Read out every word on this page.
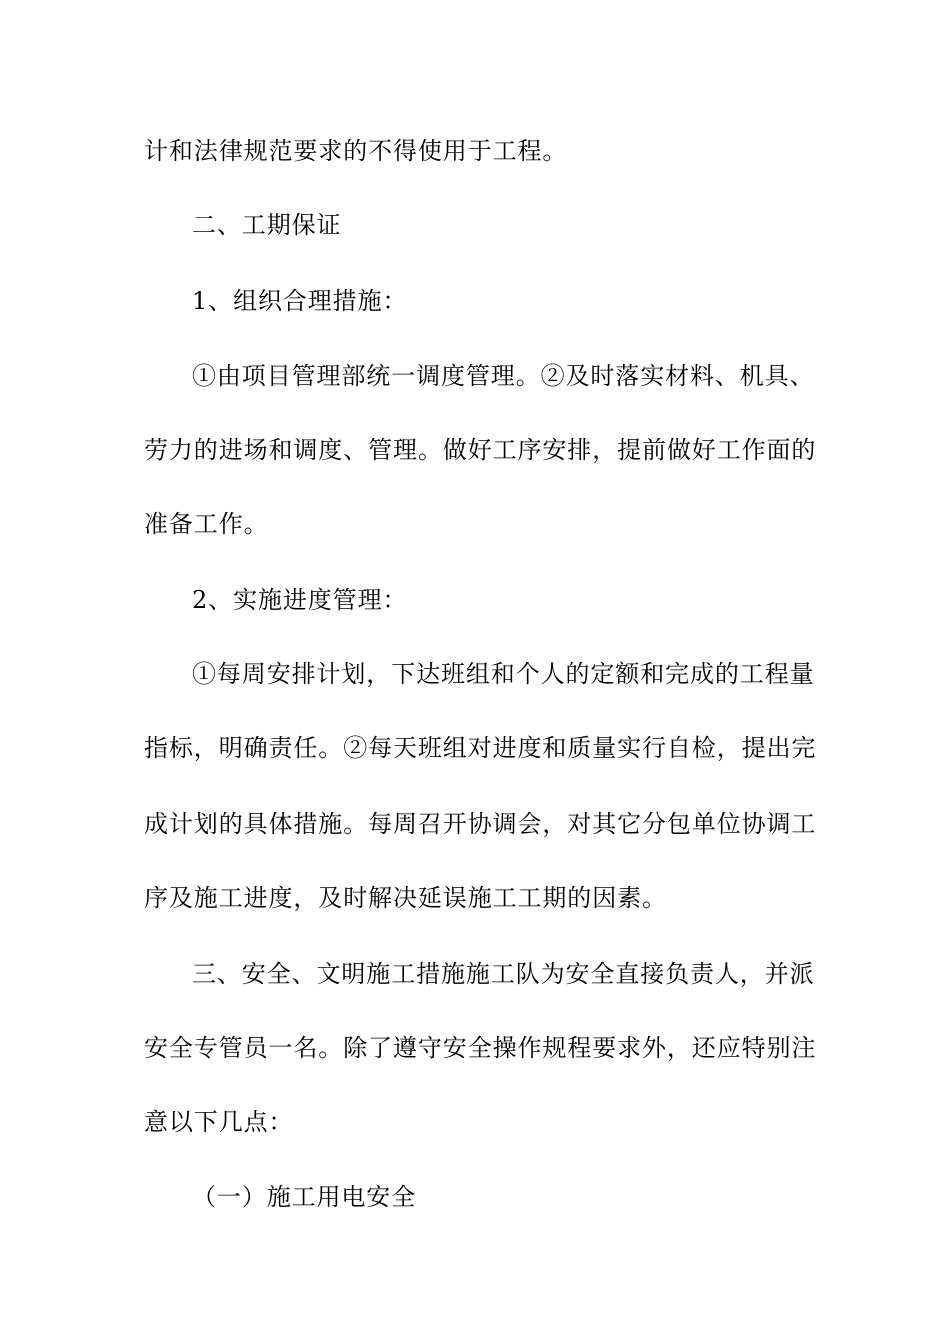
计和法律规范要求的不得使用于工程。
二、工期保证
1、组织合理措施：
①由项目管理部统一调度管理。②及时落实材料、机具、
劳力的进场和调度、管理。做好工序安排，提前做好工作面的
准备工作。
2、实施进度管理：
①每周安排计划，下达班组和个人的定额和完成的工程量
指标，明确责任。②每天班组对进度和质量实行自检，提出完
成计划的具体措施。每周召开协调会，对其它分包单位协调工
序及施工进度，及时解决延误施工工期的因素。
三、安全、文明施工措施施工队为安全直接负责人，并派
安全专管员一名。除了遵守安全操作规程要求外，还应特别注
意以下几点：
（一）施工用电安全
